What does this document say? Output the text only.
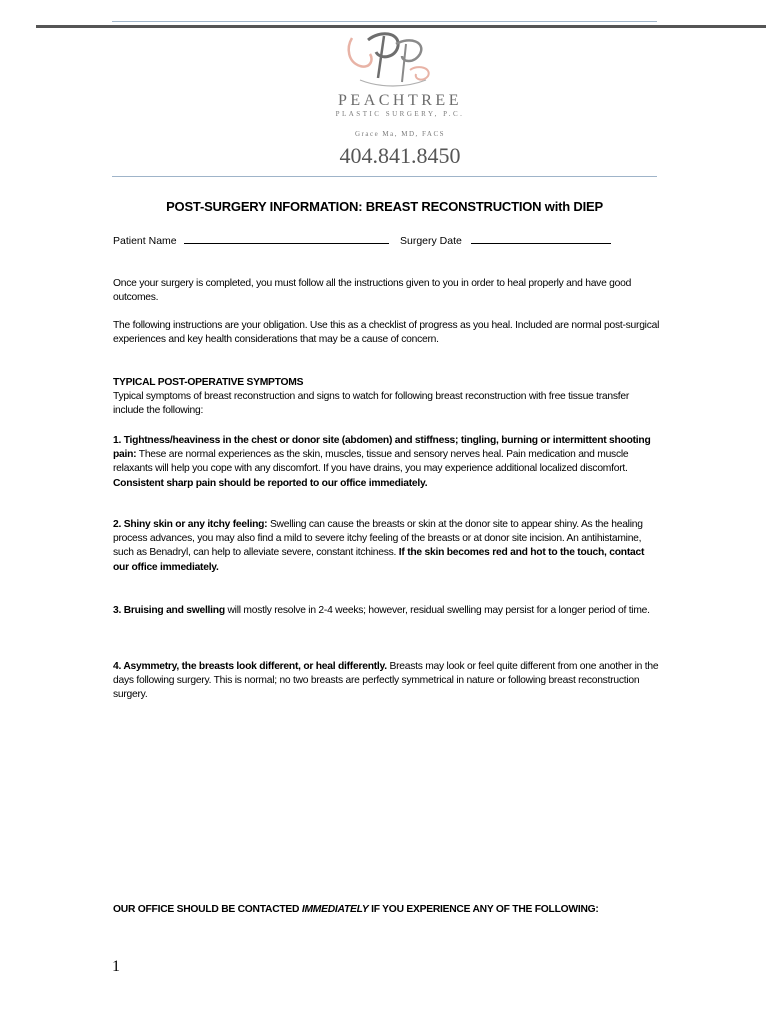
PEACHTREE
PLASTIC SURGERY, P.C.
Grace Ma, MD, FACS
404.841.8450
POST-SURGERY INFORMATION: BREAST RECONSTRUCTION with DIEP
Patient Name	Surgery Date
Once your surgery is completed, you must follow all the instructions given to you in order to heal properly and have good outcomes.
The following instructions are your obligation. Use this as a checklist of progress as you heal. Included are normal post-surgical experiences and key health considerations that may be a cause of concern.
TYPICAL POST-OPERATIVE SYMPTOMS
Typical symptoms of breast reconstruction and signs to watch for following breast reconstruction with free tissue transfer include the following:
1. Tightness/heaviness in the chest or donor site (abdomen) and stiffness; tingling, burning or intermittent shooting pain: These are normal experiences as the skin, muscles, tissue and sensory nerves heal. Pain medication and muscle relaxants will help you cope with any discomfort. If you have drains, you may experience additional localized discomfort. Consistent sharp pain should be reported to our office immediately.
2. Shiny skin or any itchy feeling: Swelling can cause the breasts or skin at the donor site to appear shiny. As the healing process advances, you may also find a mild to severe itchy feeling of the breasts or at donor site incision. An antihistamine, such as Benadryl, can help to alleviate severe, constant itchiness. If the skin becomes red and hot to the touch, contact our office immediately.
3. Bruising and swelling will mostly resolve in 2-4 weeks; however, residual swelling may persist for a longer period of time.
4. Asymmetry, the breasts look different, or heal differently. Breasts may look or feel quite different from one another in the days following surgery. This is normal; no two breasts are perfectly symmetrical in nature or following breast reconstruction surgery.
OUR OFFICE SHOULD BE CONTACTED IMMEDIATELY IF YOU EXPERIENCE ANY OF THE FOLLOWING:
1
